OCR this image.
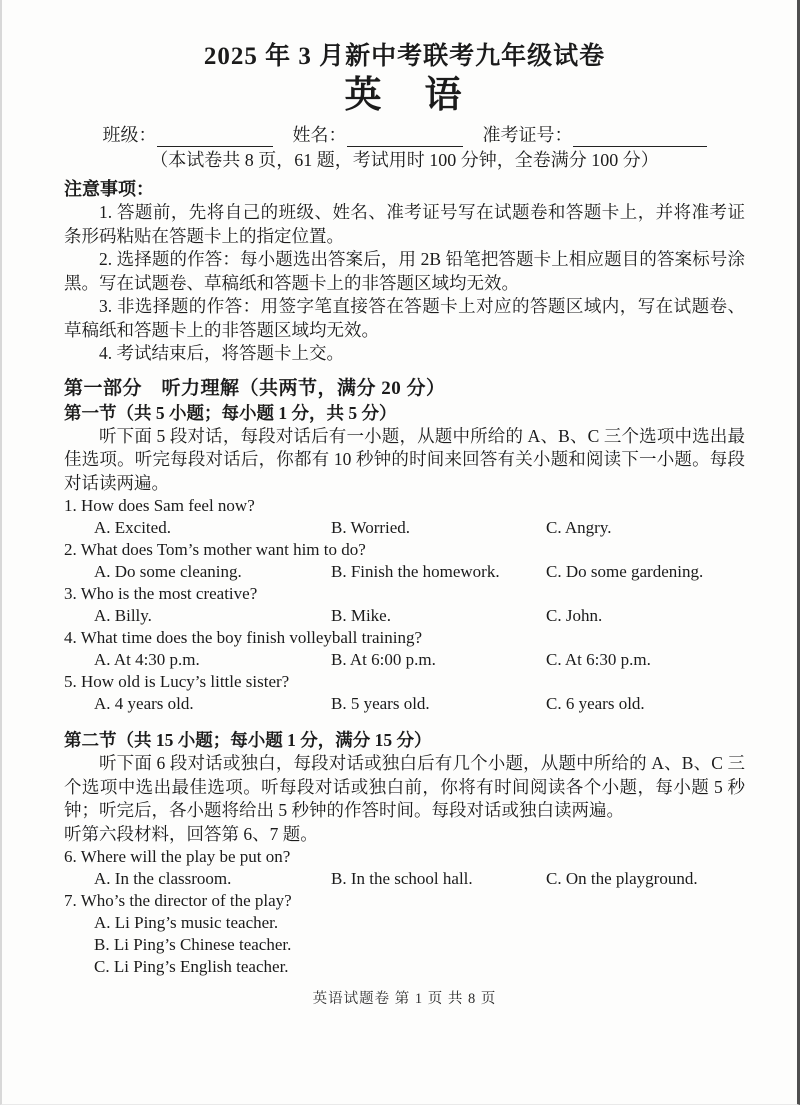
2025 年 3 月新中考联考九年级试卷
英　语
班级：	姓名：	准考证号：
（本试卷共 8 页，61 题，考试用时 100 分钟，全卷满分 100 分）
注意事项：

1. 答题前，先将自己的班级、姓名、准考证号写在试题卷和答题卡上，并将准考证条形码粘贴在答题卡上的指定位置。

2. 选择题的作答：每小题选出答案后，用 2B 铅笔把答题卡上相应题目的答案标号涂黑。写在试题卷、草稿纸和答题卡上的非答题区域均无效。

3. 非选择题的作答：用签字笔直接答在答题卡上对应的答题区域内，写在试题卷、草稿纸和答题卡上的非答题区域均无效。

4. 考试结束后，将答题卡上交。

第一部分　听力理解（共两节，满分 20 分）
第一节（共 5 小题；每小题 1 分，共 5 分）

听下面 5 段对话，每段对话后有一小题，从题中所给的 A、B、C 三个选项中选出最佳选项。听完每段对话后，你都有 10 秒钟的时间来回答有关小题和阅读下一小题。每段对话读两遍。

1. How does Sam feel now?
A. Excited.	B. Worried.	C. Angry.
2. What does Tom’s mother want him to do?
A. Do some cleaning.	B. Finish the homework.	C. Do some gardening.
3. Who is the most creative?
A. Billy.	B. Mike.	C. John.
4. What time does the boy finish volleyball training?
A. At 4:30 p.m.	B. At 6:00 p.m.	C. At 6:30 p.m.
5. How old is Lucy’s little sister?
A. 4 years old.	B. 5 years old.	C. 6 years old.
第二节（共 15 小题；每小题 1 分，满分 15 分）

听下面 6 段对话或独白，每段对话或独白后有几个小题，从题中所给的 A、B、C 三个选项中选出最佳选项。听每段对话或独白前，你将有时间阅读各个小题，每小题 5 秒钟；听完后，各小题将给出 5 秒钟的作答时间。每段对话或独白读两遍。

听第六段材料，回答第 6、7 题。
6. Where will the play be put on?
A. In the classroom.	B. In the school hall.	C. On the playground.
7. Who’s the director of the play?
A. Li Ping’s music teacher.
B. Li Ping’s Chinese teacher.
C. Li Ping’s English teacher.
英语试题卷 第 1 页 共 8 页
